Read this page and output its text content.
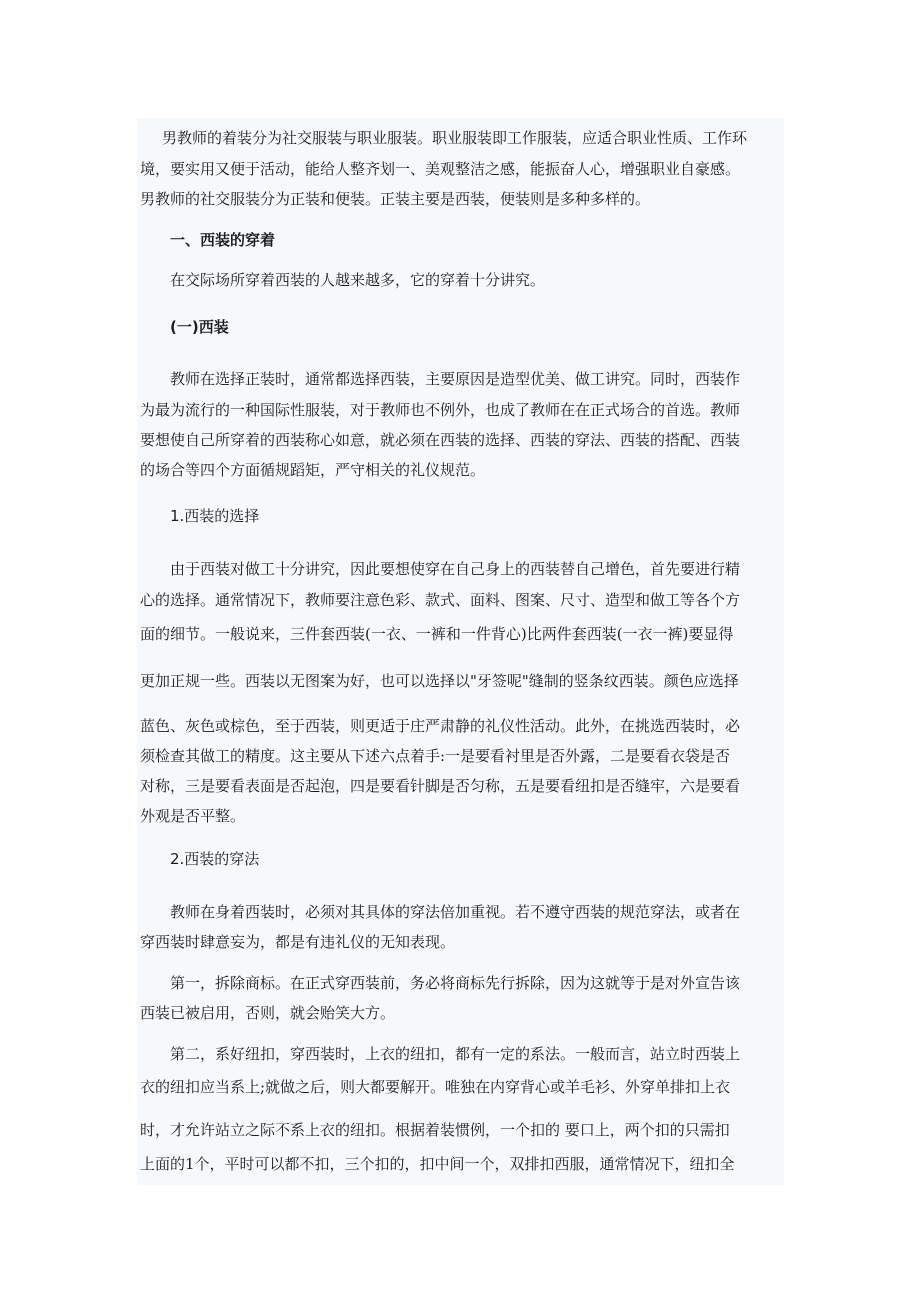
　男教师的着装分为社交服装与职业服装。职业服装即工作服装，应适合职业性质、工作环
境，要实用又便于活动，能给人整齐划一、美观整洁之感，能振奋人心，增强职业自豪感。
男教师的社交服装分为正装和便装。正装主要是西装，便装则是多种多样的。
一、西装的穿着
在交际场所穿着西装的人越来越多，它的穿着十分讲究。
(一)西装
教师在选择正装时，通常都选择西装，主要原因是造型优美、做工讲究。同时，西装作
为最为流行的一种国际性服装，对于教师也不例外，也成了教师在在正式场合的首选。教师
要想使自己所穿着的西装称心如意，就必须在西装的选择、西装的穿法、西装的搭配、西装
的场合等四个方面循规蹈矩，严守相关的礼仪规范。
1.西装的选择
由于西装对做工十分讲究，因此要想使穿在自己身上的西装替自己增色，首先要进行精
心的选择。通常情况下，教师要注意色彩、款式、面料、图案、尺寸、造型和做工等各个方
面的细节。一般说来，三件套西装(一衣、一裤和一件背心)比两件套西装(一衣一裤)要显得
更加正规一些。西装以无图案为好，也可以选择以"牙签呢"缝制的竖条纹西装。颜色应选择
蓝色、灰色或棕色，至于西装，则更适于庄严肃静的礼仪性活动。此外，在挑选西装时，必
须检查其做工的精度。这主要从下述六点着手:一是要看衬里是否外露，二是要看衣袋是否
对称，三是要看表面是否起泡，四是要看针脚是否匀称，五是要看纽扣是否缝牢，六是要看
外观是否平整。
2.西装的穿法
教师在身着西装时，必须对其具体的穿法倍加重视。若不遵守西装的规范穿法，或者在
穿西装时肆意妄为，都是有违礼仪的无知表现。
第一，拆除商标。在正式穿西装前，务必将商标先行拆除，因为这就等于是对外宣告该
西装已被启用，否则，就会贻笑大方。
第二，系好纽扣，穿西装时，上衣的纽扣，都有一定的系法。一般而言，站立时西装上
衣的纽扣应当系上;就做之后，则大都要解开。唯独在内穿背心或羊毛衫、外穿单排扣上衣
时，才允许站立之际不系上衣的纽扣。根据着装惯例，一个扣的 要口上，两个扣的只需扣
上面的1个，平时可以都不扣，三个扣的，扣中间一个，双排扣西服，通常情况下，纽扣全
